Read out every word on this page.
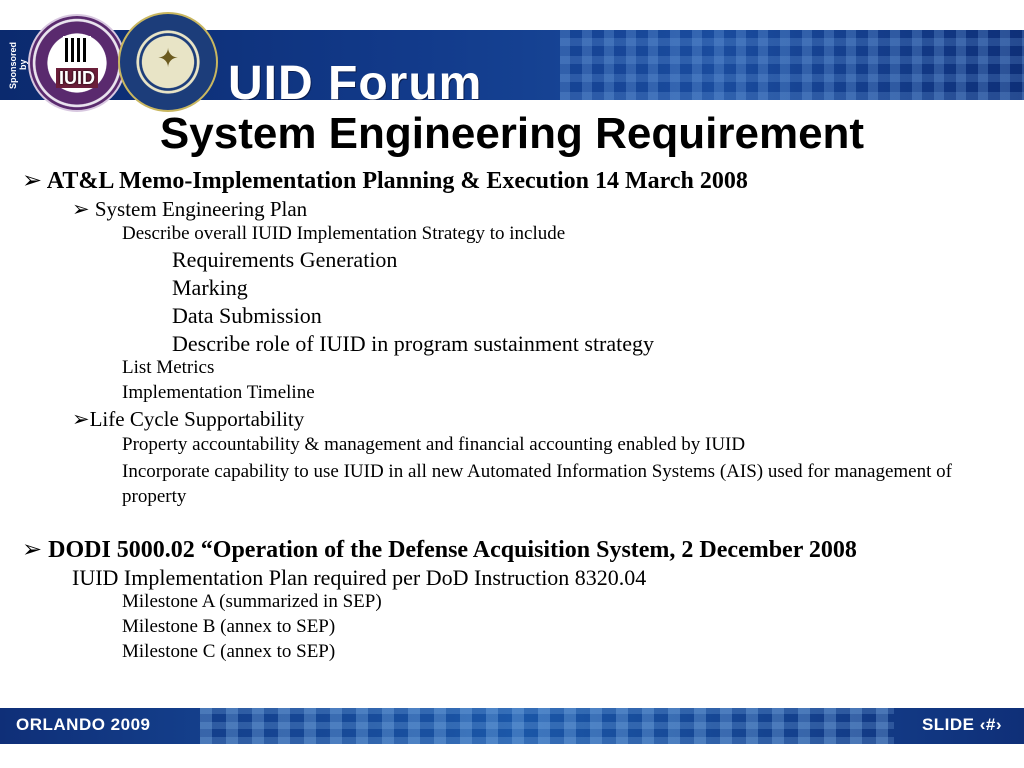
Sponsored by	UID Forum
IUID
✦
System Engineering Requirement
➢ AT&L Memo-Implementation Planning & Execution 14 March 2008
➢ System Engineering Plan
Describe overall IUID Implementation Strategy to include
Requirements Generation
Marking
Data Submission
Describe role of IUID in program sustainment strategy
List Metrics
Implementation Timeline
➢Life Cycle Supportability
Property accountability & management and financial accounting enabled by IUID
Incorporate capability to use IUID in all new Automated Information Systems (AIS) used for management of property
➢ DODI 5000.02 “Operation of the Defense Acquisition System, 2 December 2008
IUID Implementation Plan required per DoD Instruction 8320.04
Milestone A (summarized in SEP)
Milestone B (annex to SEP)
Milestone C (annex to SEP)
ORLANDO 2009	SLIDE ‹#›
